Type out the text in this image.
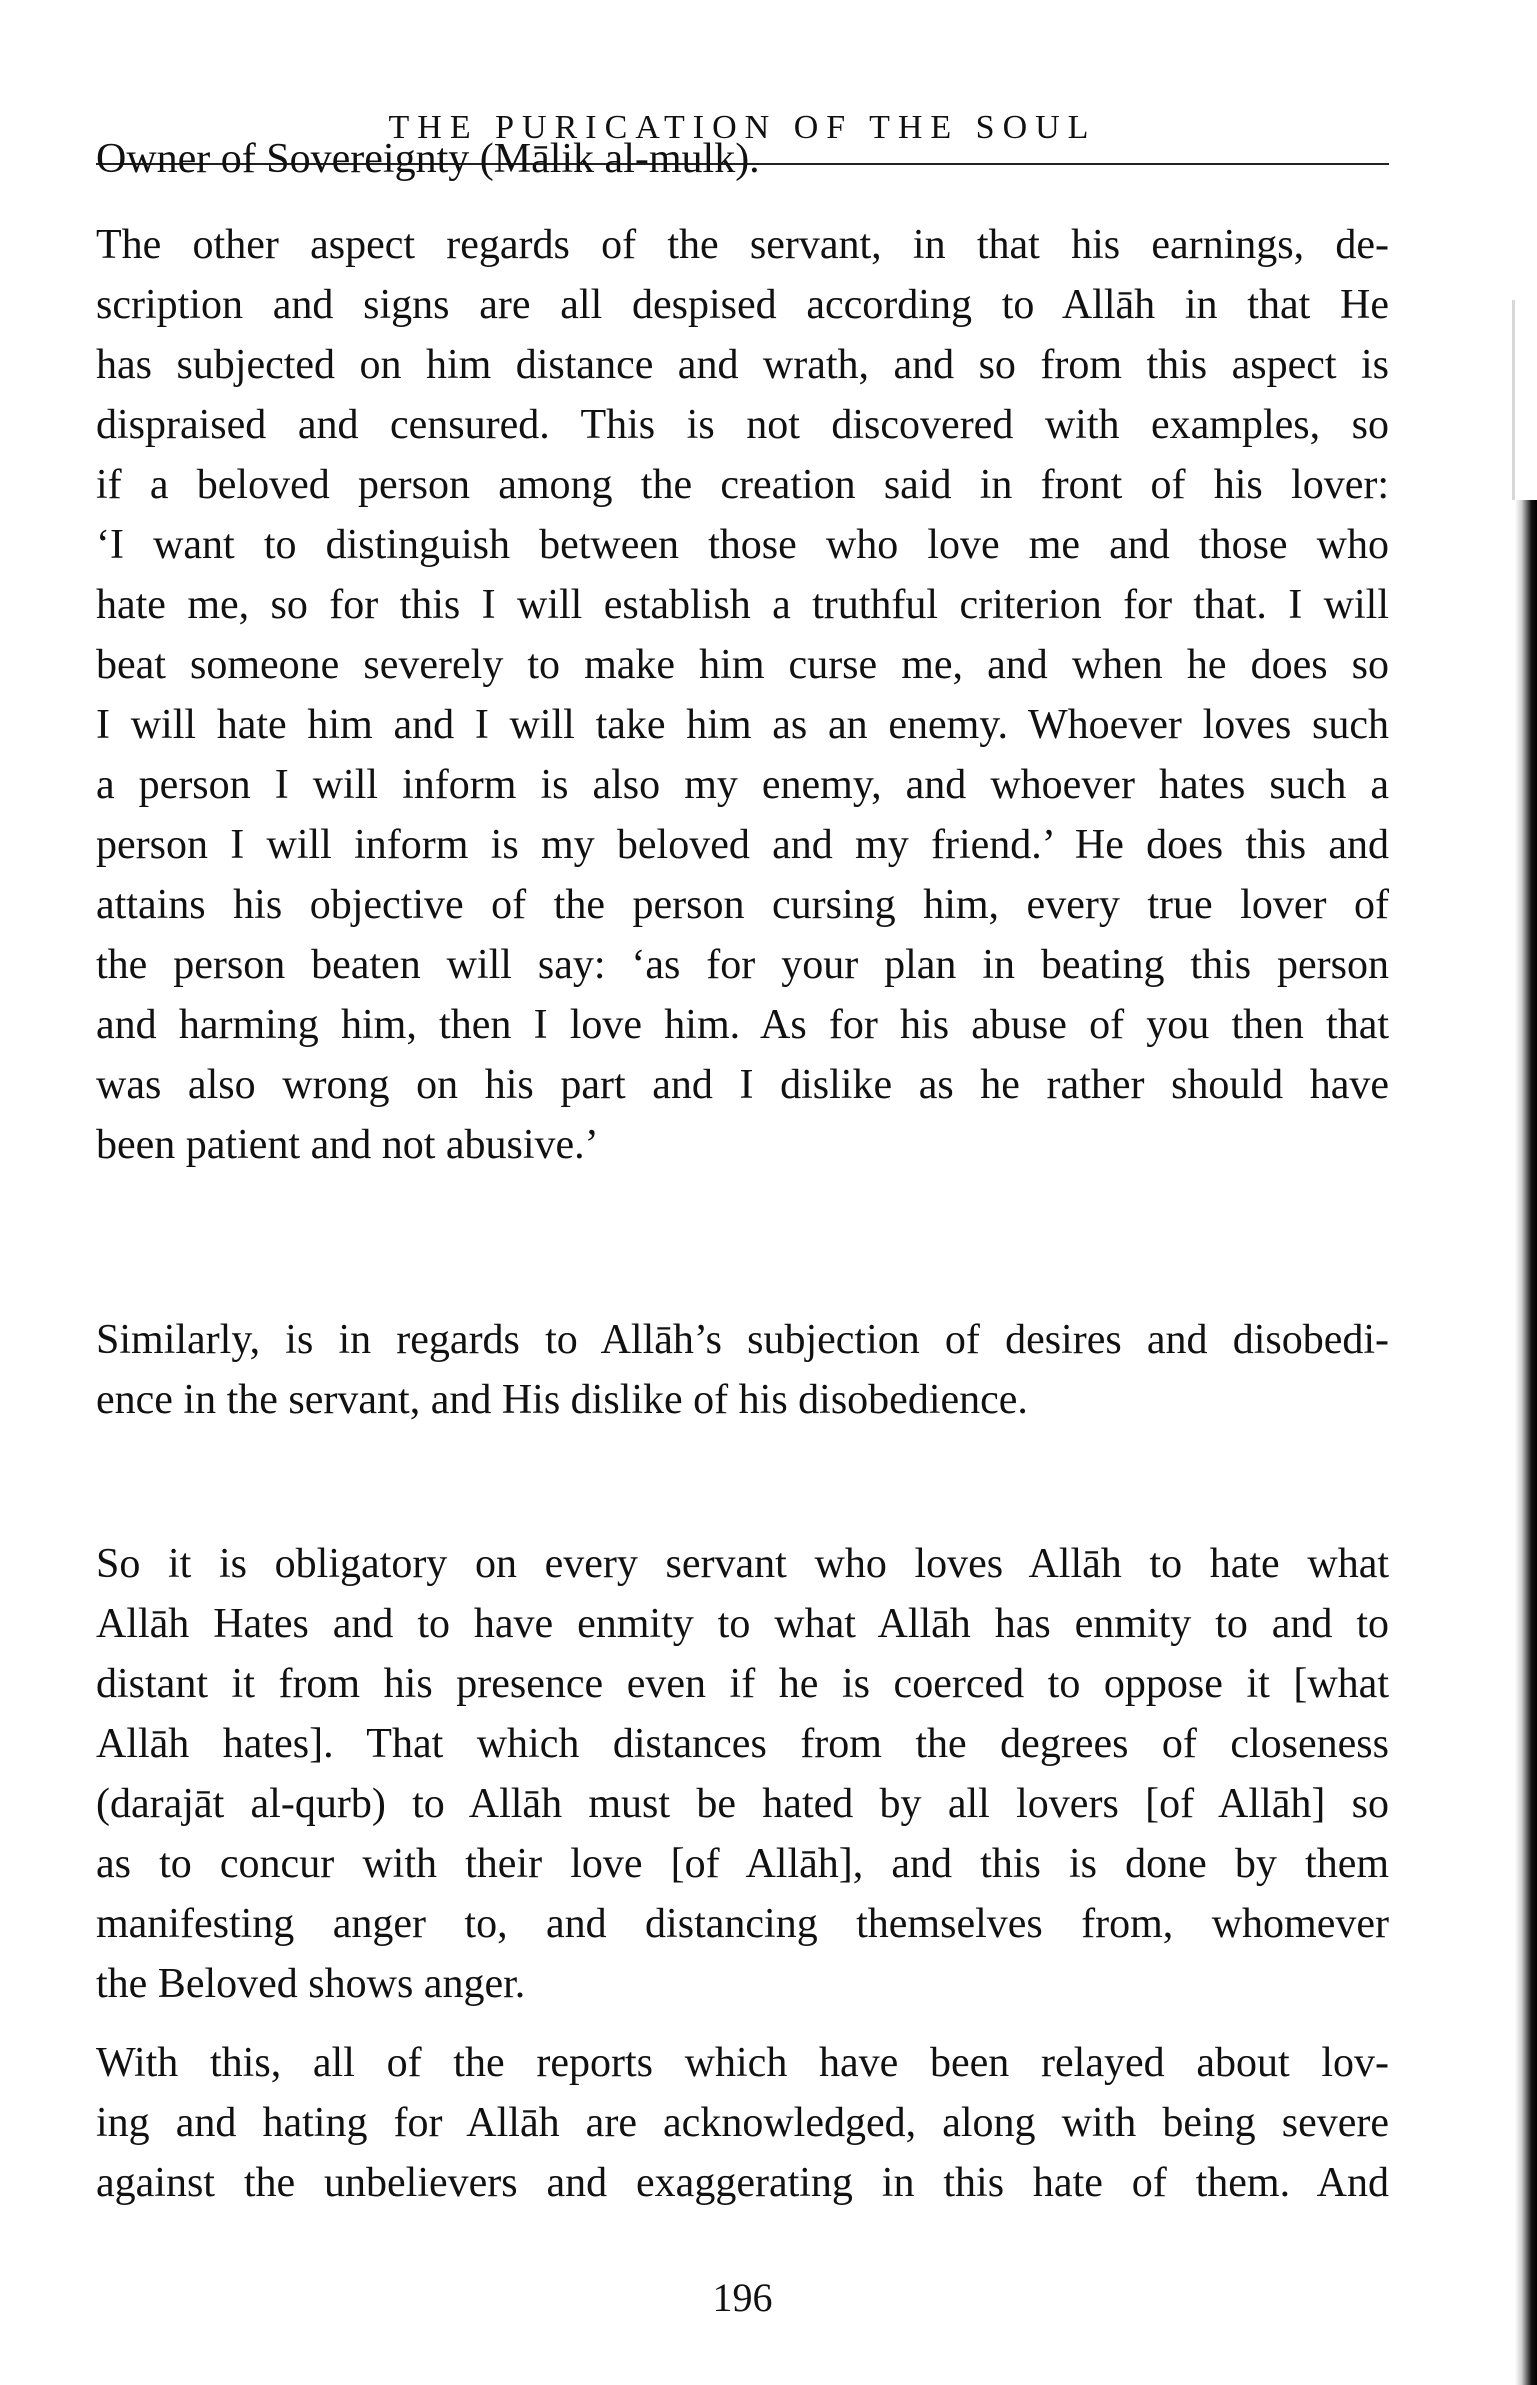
THE PURICATION OF THE SOUL
Owner of Sovereignty (Mālik al-mulk).
The other aspect regards of the servant, in that his earnings, de-
scription and signs are all despised according to Allāh in that He
has subjected on him distance and wrath, and so from this aspect is
dispraised and censured. This is not discovered with examples, so
if a beloved person among the creation said in front of his lover:
‘I want to distinguish between those who love me and those who
hate me, so for this I will establish a truthful criterion for that. I will
beat someone severely to make him curse me, and when he does so
I will hate him and I will take him as an enemy. Whoever loves such
a person I will inform is also my enemy, and whoever hates such a
person I will inform is my beloved and my friend.’ He does this and
attains his objective of the person cursing him, every true lover of
the person beaten will say: ‘as for your plan in beating this person
and harming him, then I love him. As for his abuse of you then that
was also wrong on his part and I dislike as he rather should have
been patient and not abusive.’
Similarly, is in regards to Allāh’s subjection of desires and disobedi-
ence in the servant, and His dislike of his disobedience.
So it is obligatory on every servant who loves Allāh to hate what
Allāh Hates and to have enmity to what Allāh has enmity to and to
distant it from his presence even if he is coerced to oppose it [what
Allāh hates]. That which distances from the degrees of closeness
(darajāt al-qurb) to Allāh must be hated by all lovers [of Allāh] so
as to concur with their love [of Allāh], and this is done by them
manifesting anger to, and distancing themselves from, whomever
the Beloved shows anger.
With this, all of the reports which have been relayed about lov-
ing and hating for Allāh are acknowledged, along with being severe
against the unbelievers and exaggerating in this hate of them. And
196
